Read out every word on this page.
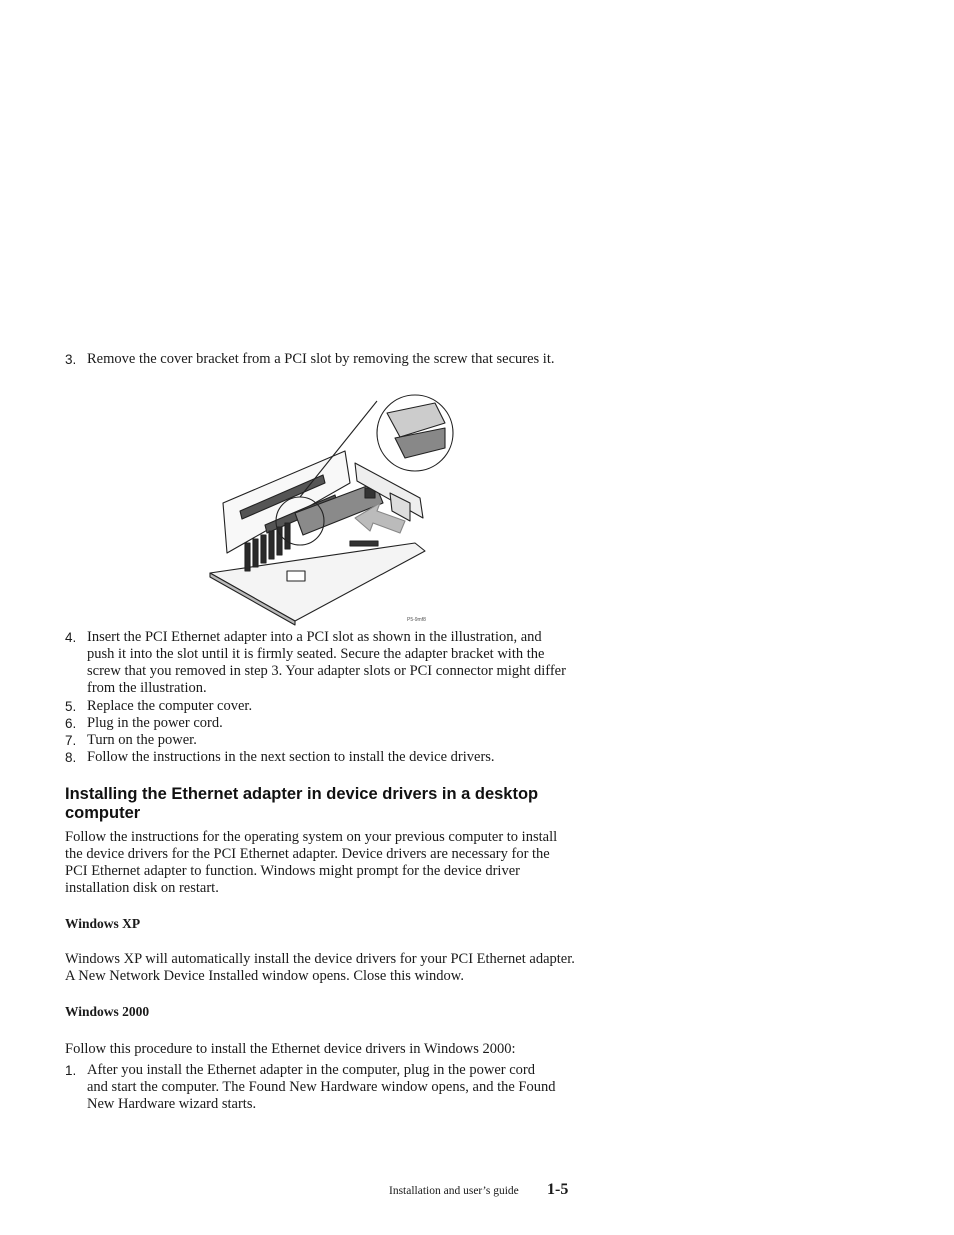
3. Remove the cover bracket from a PCI slot by removing the screw that secures it.
P5-9mf8
4. Insert the PCI Ethernet adapter into a PCI slot as shown in the illustration, and push it into the slot until it is firmly seated. Secure the adapter bracket with the screw that you removed in step 3. Your adapter slots or PCI connector might differ from the illustration.
5. Replace the computer cover.
6. Plug in the power cord.
7. Turn on the power.
8. Follow the instructions in the next section to install the device drivers.
Installing the Ethernet adapter in device drivers in a desktop computer
Follow the instructions for the operating system on your previous computer to install the device drivers for the PCI Ethernet adapter. Device drivers are necessary for the PCI Ethernet adapter to function. Windows might prompt for the device driver installation disk on restart.
Windows XP
Windows XP will automatically install the device drivers for your PCI Ethernet adapter. A New Network Device Installed window opens. Close this window.
Windows 2000
Follow this procedure to install the Ethernet device drivers in Windows 2000:
1. After you install the Ethernet adapter in the computer, plug in the power cord and start the computer. The Found New Hardware window opens, and the Found New Hardware wizard starts.
Installation and user’s guide 1-5
